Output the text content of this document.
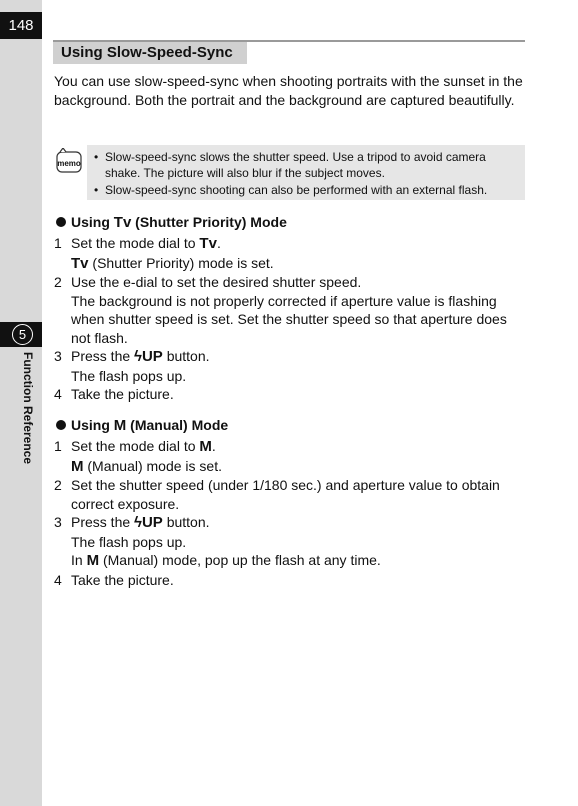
148
5
Function Reference
Using Slow-Speed-Sync

You can use slow-speed-sync when shooting portraits with the sunset in the background. Both the portrait and the background are captured beautifully.

memo
• Slow-speed-sync slows the shutter speed. Use a tripod to avoid camera shake. The picture will also blur if the subject moves.
• Slow-speed-sync shooting can also be performed with an external flash.
Using Tv (Shutter Priority) Mode
1 Set the mode dial to Tv.
Tv (Shutter Priority) mode is set.
2 Use the e-dial to set the desired shutter speed.
The background is not properly corrected if aperture value is flashing when shutter speed is set. Set the shutter speed so that aperture does not flash.
3 Press the ϟUP button.
The flash pops up.
4 Take the picture.
Using M (Manual) Mode
1 Set the mode dial to M.
M (Manual) mode is set.
2 Set the shutter speed (under 1/180 sec.) and aperture value to obtain correct exposure.
3 Press the ϟUP button.
The flash pops up.
In M (Manual) mode, pop up the flash at any time.
4 Take the picture.
